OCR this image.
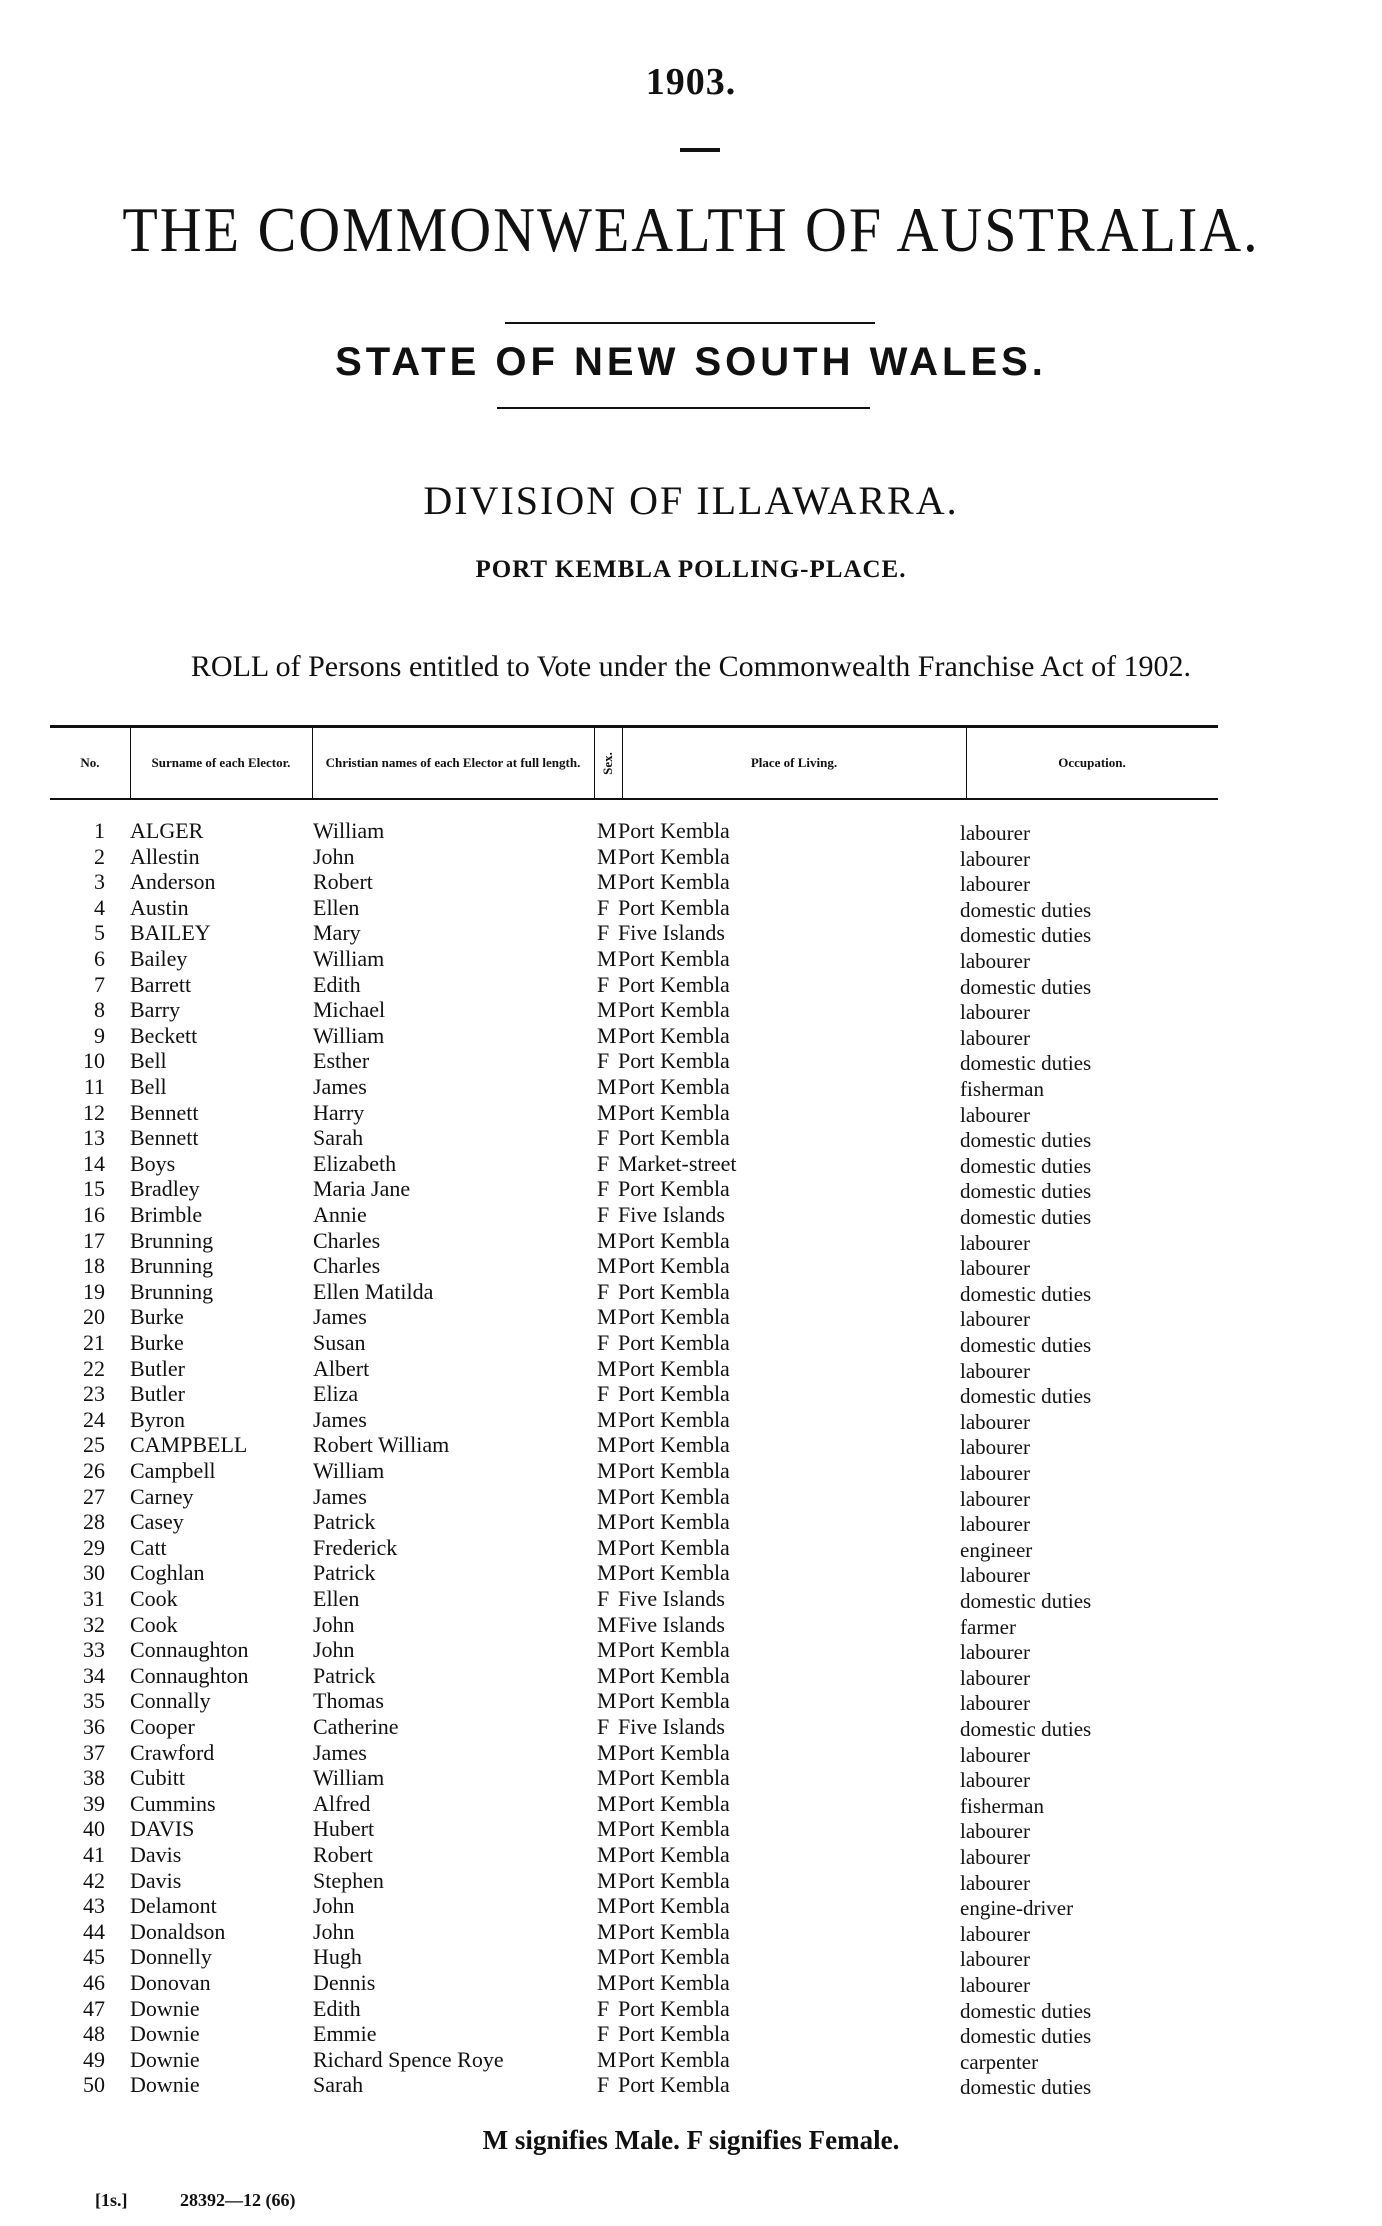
1903.
THE COMMONWEALTH OF AUSTRALIA.
STATE OF NEW SOUTH WALES.
DIVISION OF ILLAWARRA.
PORT KEMBLA POLLING-PLACE.
ROLL of Persons entitled to Vote under the Commonwealth Franchise Act of 1902.
No.	Surname of each Elector.	Christian names of each Elector at full length.	Sex.	Place of Living.	Occupation.
1 ALGER	William	M Port Kembla	labourer
2 Allestin	John	M Port Kembla	labourer
3 Anderson	Robert	M Port Kembla	labourer
4 Austin	Ellen	F Port Kembla	domestic duties
5 BAILEY	Mary	F Five Islands	domestic duties
6 Bailey	William	M Port Kembla	labourer
7 Barrett	Edith	F Port Kembla	domestic duties
8 Barry	Michael	M Port Kembla	labourer
9 Beckett	William	M Port Kembla	labourer
10 Bell	Esther	F Port Kembla	domestic duties
11 Bell	James	M Port Kembla	fisherman
12 Bennett	Harry	M Port Kembla	labourer
13 Bennett	Sarah	F Port Kembla	domestic duties
14 Boys	Elizabeth	F Market-street	domestic duties
15 Bradley	Maria Jane	F Port Kembla	domestic duties
16 Brimble	Annie	F Five Islands	domestic duties
17 Brunning	Charles	M Port Kembla	labourer
18 Brunning	Charles	M Port Kembla	labourer
19 Brunning	Ellen Matilda	F Port Kembla	domestic duties
20 Burke	James	M Port Kembla	labourer
21 Burke	Susan	F Port Kembla	domestic duties
22 Butler	Albert	M Port Kembla	labourer
23 Butler	Eliza	F Port Kembla	domestic duties
24 Byron	James	M Port Kembla	labourer
25 CAMPBELL	Robert William	M Port Kembla	labourer
26 Campbell	William	M Port Kembla	labourer
27 Carney	James	M Port Kembla	labourer
28 Casey	Patrick	M Port Kembla	labourer
29 Catt	Frederick	M Port Kembla	engineer
30 Coghlan	Patrick	M Port Kembla	labourer
31 Cook	Ellen	F Five Islands	domestic duties
32 Cook	John	M Five Islands	farmer
33 Connaughton	John	M Port Kembla	labourer
34 Connaughton	Patrick	M Port Kembla	labourer
35 Connally	Thomas	M Port Kembla	labourer
36 Cooper	Catherine	F Five Islands	domestic duties
37 Crawford	James	M Port Kembla	labourer
38 Cubitt	William	M Port Kembla	labourer
39 Cummins	Alfred	M Port Kembla	fisherman
40 DAVIS	Hubert	M Port Kembla	labourer
41 Davis	Robert	M Port Kembla	labourer
42 Davis	Stephen	M Port Kembla	labourer
43 Delamont	John	M Port Kembla	engine-driver
44 Donaldson	John	M Port Kembla	labourer
45 Donnelly	Hugh	M Port Kembla	labourer
46 Donovan	Dennis	M Port Kembla	labourer
47 Downie	Edith	F Port Kembla	domestic duties
48 Downie	Emmie	F Port Kembla	domestic duties
49 Downie	Richard Spence Roye	M Port Kembla	carpenter
50 Downie	Sarah	F Port Kembla	domestic duties
M signifies Male. F signifies Female.
[1s.]	28392—12 (66)
